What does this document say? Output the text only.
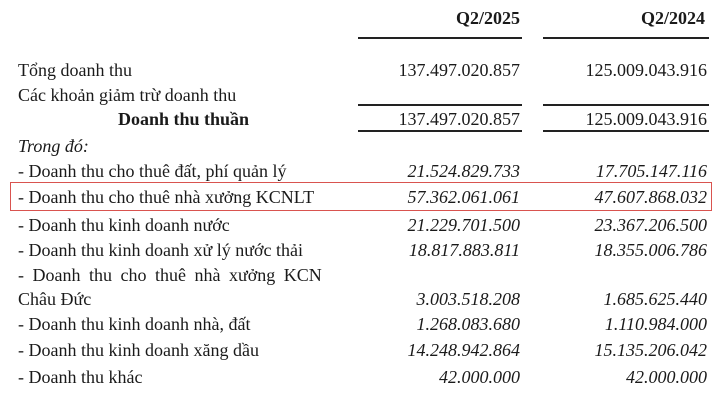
Q2/2025	Q2/2024
Tổng doanh thu	137.497.020.857	125.009.043.916
Các khoản giảm trừ doanh thu
Doanh thu thuần	137.497.020.857	125.009.043.916
Trong đó:
- Doanh thu cho thuê đất, phí quản lý	21.524.829.733	17.705.147.116
- Doanh thu cho thuê nhà xưởng KCNLT	57.362.061.061	47.607.868.032
- Doanh thu kinh doanh nước	21.229.701.500	23.367.206.500
- Doanh thu kinh doanh xử lý nước thải	18.817.883.811	18.355.006.786
- Doanh thu cho thuê nhà xưởng KCN
Châu Đức	3.003.518.208	1.685.625.440
- Doanh thu kinh doanh nhà, đất	1.268.083.680	1.110.984.000
- Doanh thu kinh doanh xăng dầu	14.248.942.864	15.135.206.042
- Doanh thu khác	42.000.000	42.000.000
